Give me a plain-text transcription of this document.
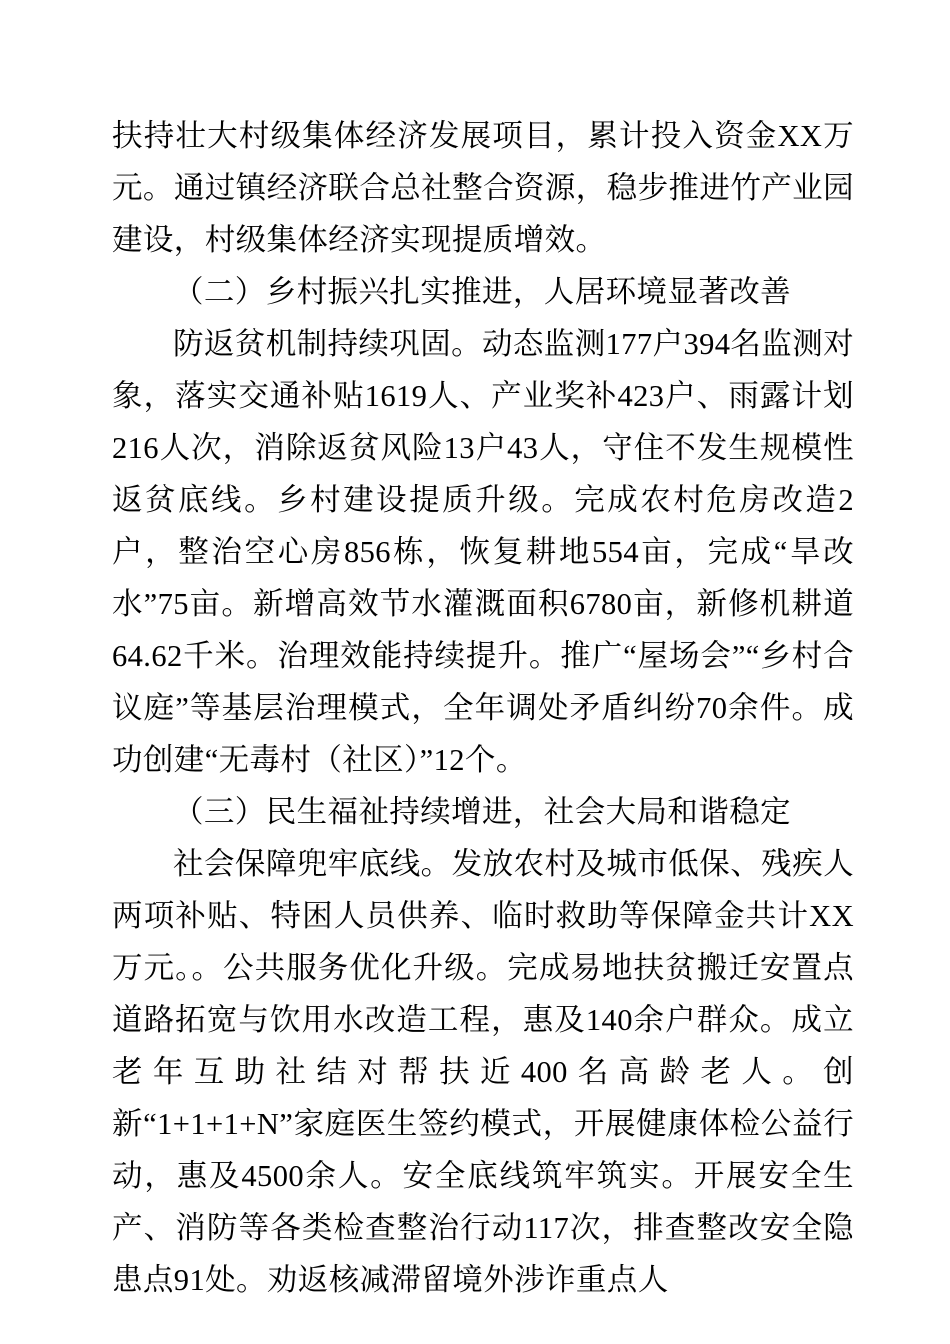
扶持壮大村级集体经济发展项目，累计投入资金XX万元。通过镇经济联合总社整合资源，稳步推进竹产业园建设，村级集体经济实现提质增效。

（二）乡村振兴扎实推进，人居环境显著改善

防返贫机制持续巩固。动态监测177户394名监测对象，落实交通补贴1619人、产业奖补423户、雨露计划216人次，消除返贫风险13户43人，守住不发生规模性返贫底线。乡村建设提质升级。完成农村危房改造2户，整治空心房856栋，恢复耕地554亩，完成“旱改水”75亩。新增高效节水灌溉面积6780亩，新修机耕道64.62千米。治理效能持续提升。推广“屋场会”“乡村合议庭”等基层治理模式，全年调处矛盾纠纷70余件。成功创建“无毒村（社区）”12个。

（三）民生福祉持续增进，社会大局和谐稳定

社会保障兜牢底线。发放农村及城市低保、残疾人两项补贴、特困人员供养、临时救助等保障金共计XX万元。。公共服务优化升级。完成易地扶贫搬迁安置点道路拓宽与饮用水改造工程，惠及140余户群众。成立老年互助社结对帮扶近400名高龄老人。创新“1+1+1+N”家庭医生签约模式，开展健康体检公益行动，惠及4500余人。安全底线筑牢筑实。开展安全生产、消防等各类检查整治行动117次，排查整改安全隐患点91处。劝返核减滞留境外涉诈重点人
